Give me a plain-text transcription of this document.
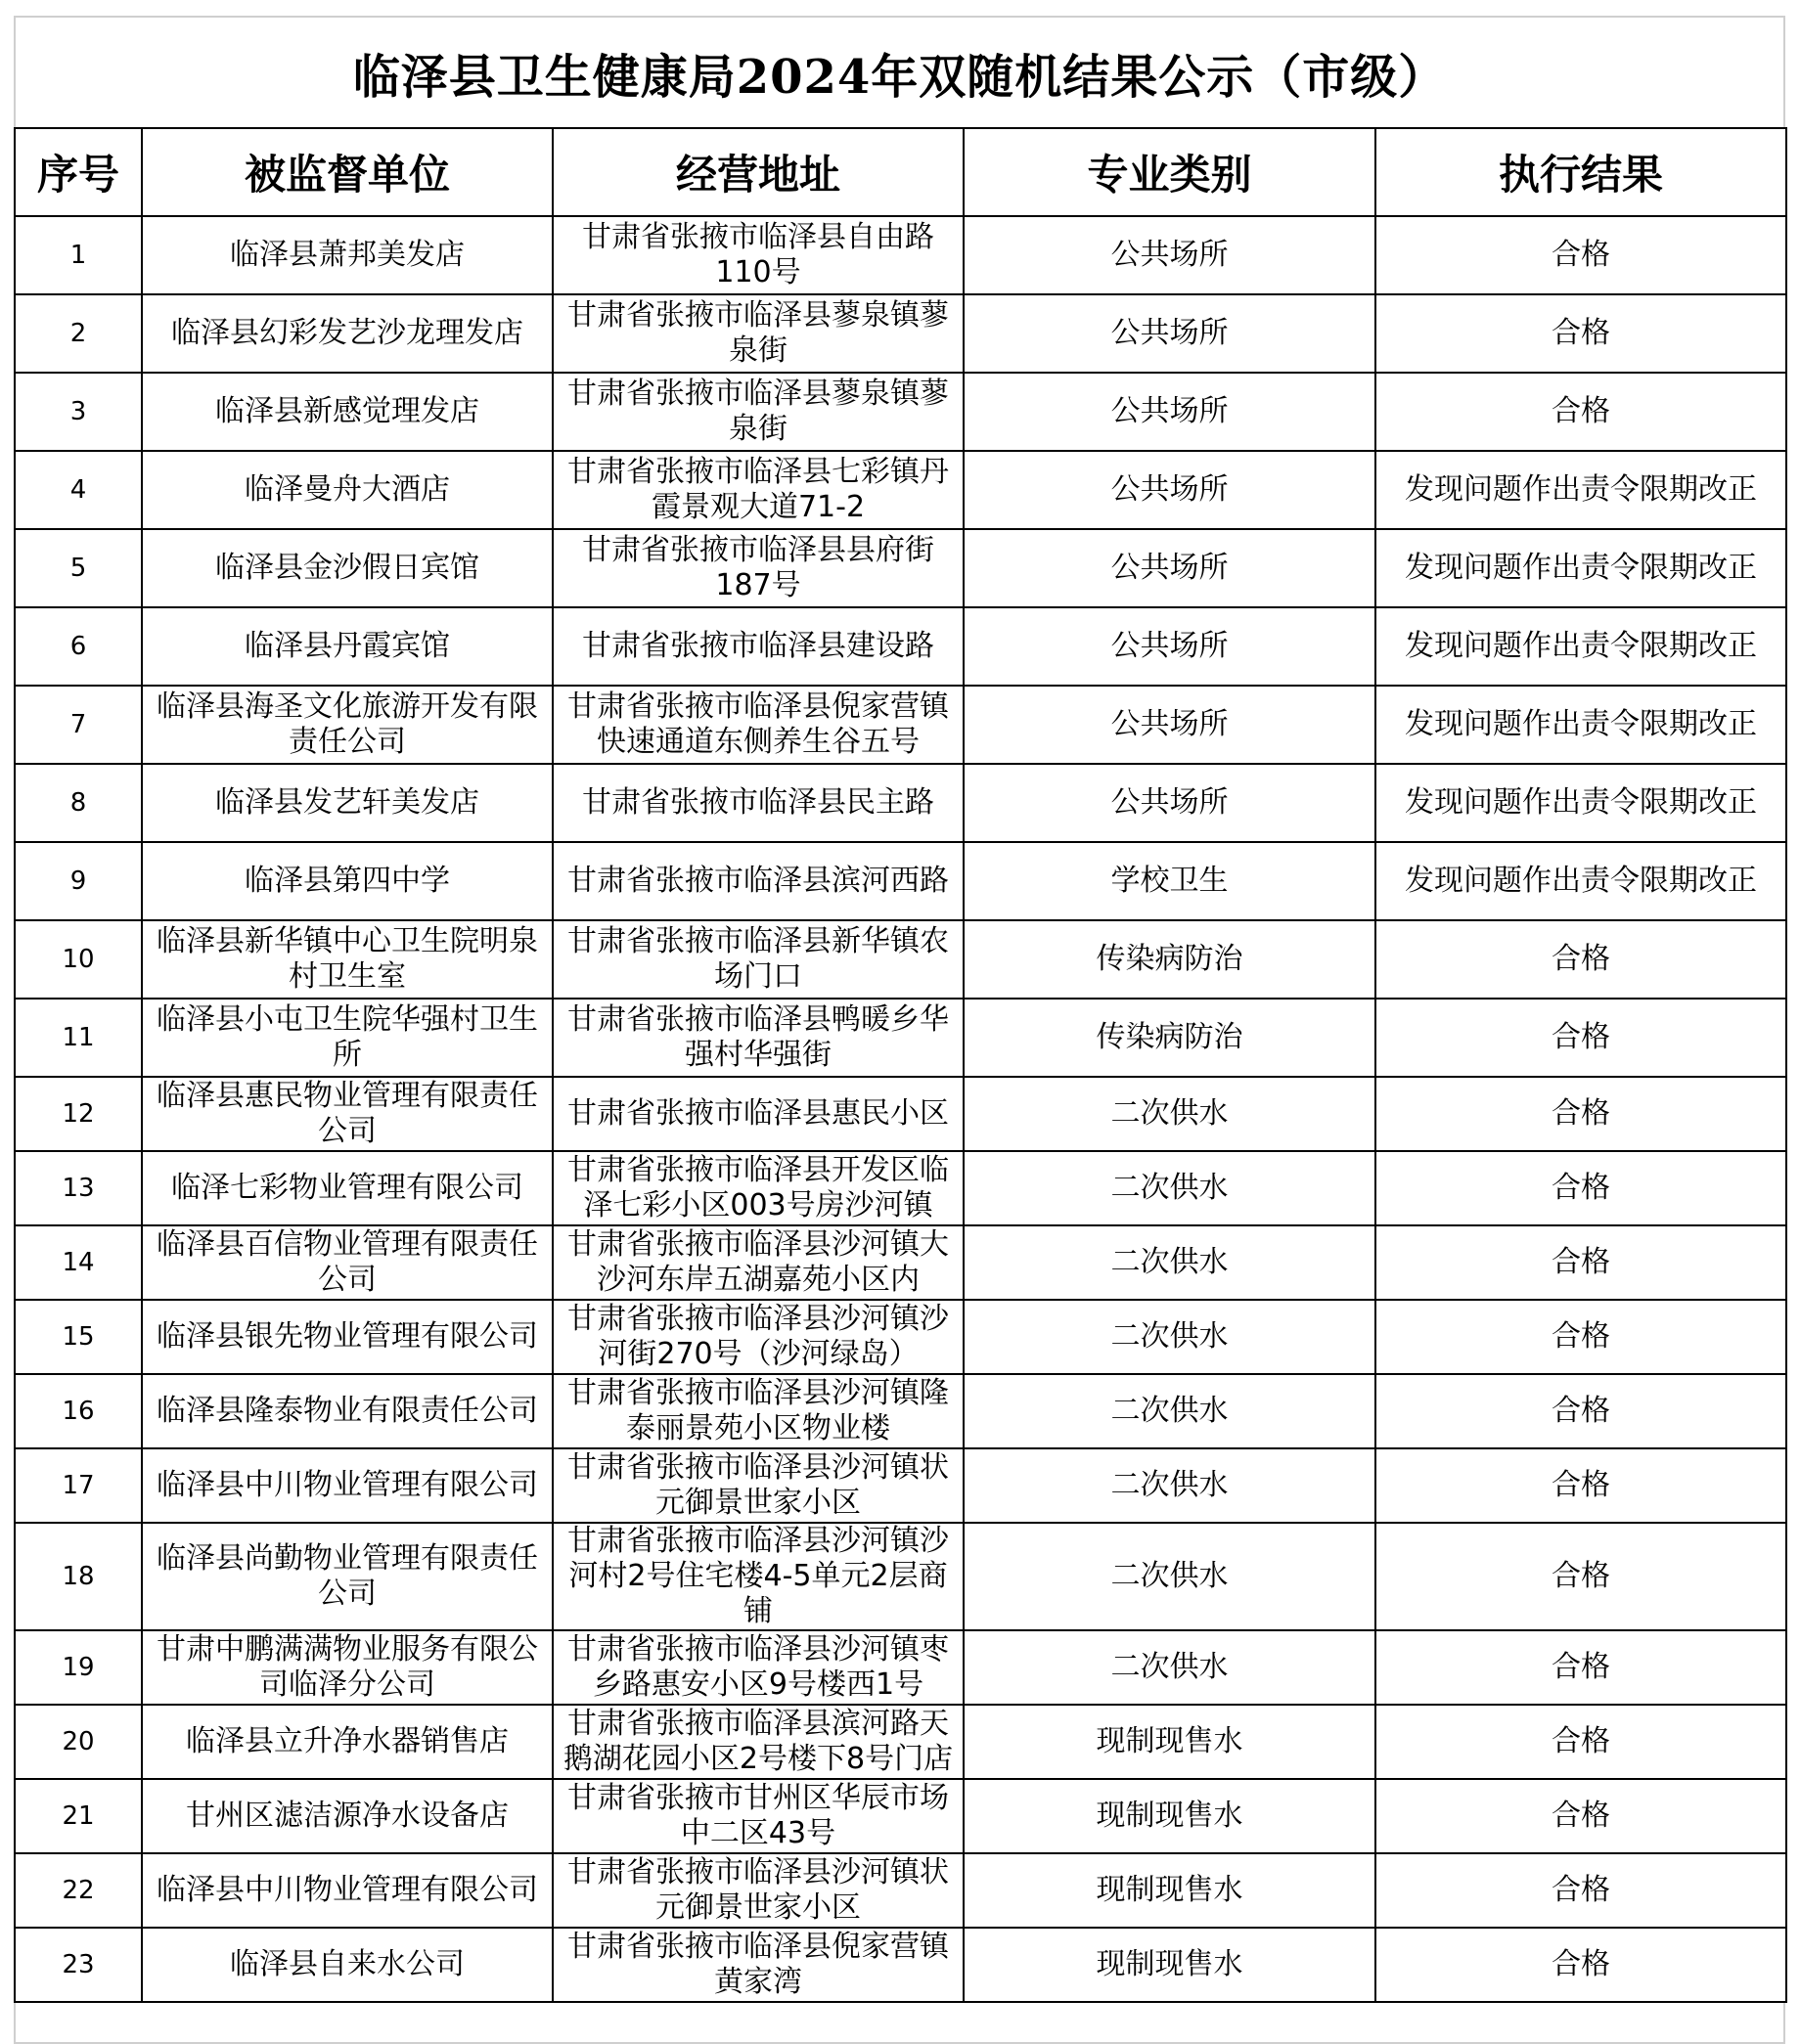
临泽县卫生健康局2024年双随机结果公示（市级）
序号	被监督单位	经营地址	专业类别	执行结果
1	临泽县萧邦美发店	甘肃省张掖市临泽县自由路110号	公共场所	合格
2	临泽县幻彩发艺沙龙理发店	甘肃省张掖市临泽县蓼泉镇蓼泉街	公共场所	合格
3	临泽县新感觉理发店	甘肃省张掖市临泽县蓼泉镇蓼泉街	公共场所	合格
4	临泽曼舟大酒店	甘肃省张掖市临泽县七彩镇丹霞景观大道71-2	公共场所	发现问题作出责令限期改正
5	临泽县金沙假日宾馆	甘肃省张掖市临泽县县府街187号	公共场所	发现问题作出责令限期改正
6	临泽县丹霞宾馆	甘肃省张掖市临泽县建设路	公共场所	发现问题作出责令限期改正
7	临泽县海圣文化旅游开发有限责任公司	甘肃省张掖市临泽县倪家营镇快速通道东侧养生谷五号	公共场所	发现问题作出责令限期改正
8	临泽县发艺轩美发店	甘肃省张掖市临泽县民主路	公共场所	发现问题作出责令限期改正
9	临泽县第四中学	甘肃省张掖市临泽县滨河西路	学校卫生	发现问题作出责令限期改正
10	临泽县新华镇中心卫生院明泉村卫生室	甘肃省张掖市临泽县新华镇农场门口	传染病防治	合格
11	临泽县小屯卫生院华强村卫生所	甘肃省张掖市临泽县鸭暖乡华强村华强街	传染病防治	合格
12	临泽县惠民物业管理有限责任公司	甘肃省张掖市临泽县惠民小区	二次供水	合格
13	临泽七彩物业管理有限公司	甘肃省张掖市临泽县开发区临泽七彩小区003号房沙河镇	二次供水	合格
14	临泽县百信物业管理有限责任公司	甘肃省张掖市临泽县沙河镇大沙河东岸五湖嘉苑小区内	二次供水	合格
15	临泽县银先物业管理有限公司	甘肃省张掖市临泽县沙河镇沙河街270号（沙河绿岛）	二次供水	合格
16	临泽县隆泰物业有限责任公司	甘肃省张掖市临泽县沙河镇隆泰丽景苑小区物业楼	二次供水	合格
17	临泽县中川物业管理有限公司	甘肃省张掖市临泽县沙河镇状元御景世家小区	二次供水	合格
18	临泽县尚勤物业管理有限责任公司	甘肃省张掖市临泽县沙河镇沙河村2号住宅楼4-5单元2层商铺	二次供水	合格
19	甘肃中鹏满满物业服务有限公司临泽分公司	甘肃省张掖市临泽县沙河镇枣乡路惠安小区9号楼西1号	二次供水	合格
20	临泽县立升净水器销售店	甘肃省张掖市临泽县滨河路天鹅湖花园小区2号楼下8号门店	现制现售水	合格
21	甘州区滤洁源净水设备店	甘肃省张掖市甘州区华辰市场中二区43号	现制现售水	合格
22	临泽县中川物业管理有限公司	甘肃省张掖市临泽县沙河镇状元御景世家小区	现制现售水	合格
23	临泽县自来水公司	甘肃省张掖市临泽县倪家营镇黄家湾	现制现售水	合格
